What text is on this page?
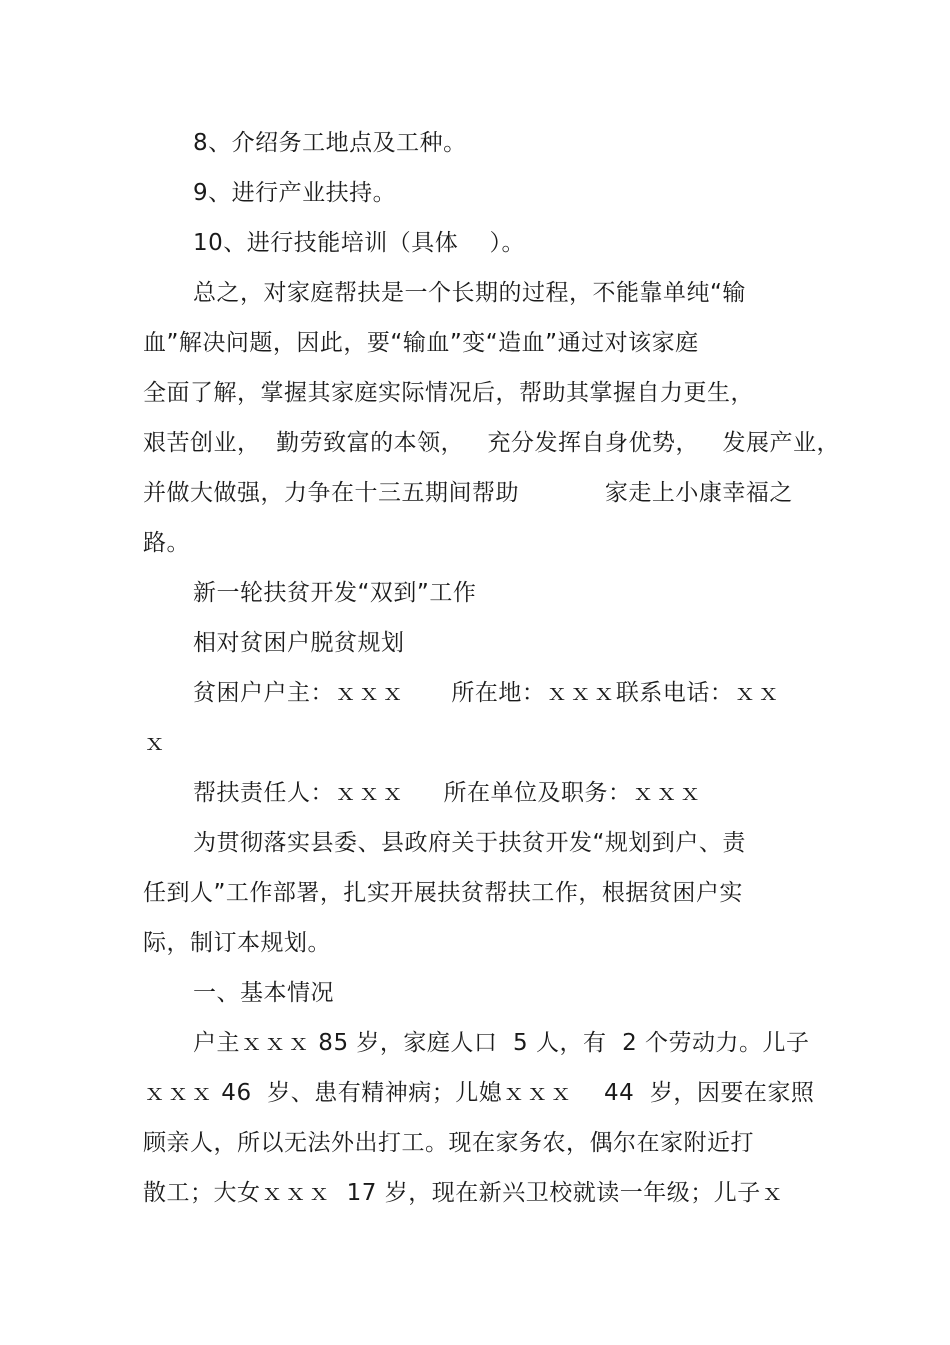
8、介绍务工地点及工种。
9、进行产业扶持。
10、进行技能培训（具体    ）。
总之，对家庭帮扶是一个长期的过程，不能靠单纯“输
血”解决问题，因此，要“输血”变“造血”通过对该家庭
全面了解，掌握其家庭实际情况后，帮助其掌握自力更生，
艰苦创业，  勤劳致富的本领，   充分发挥自身优势，   发展产业，
并做大做强，力争在十三五期间帮助           家走上小康幸福之
路。
新一轮扶贫开发“双到”工作
相对贫困户脱贫规划
贫困户户主：ｘｘｘ      所在地：ｘｘｘ联系电话：ｘｘ
ｘ
帮扶责任人：ｘｘｘ     所在单位及职务：ｘｘｘ
为贯彻落实县委、县政府关于扶贫开发“规划到户、责
任到人”工作部署，扎实开展扶贫帮扶工作，根据贫困户实
际，制订本规划。
一、基本情况
户主ｘｘｘ 85 岁，家庭人口  5 人，有  2 个劳动力。儿子
ｘｘｘ 46  岁、患有精神病；儿媳ｘｘｘ    44  岁，因要在家照
顾亲人，所以无法外出打工。现在家务农，偶尔在家附近打
散工；大女ｘｘｘ  17 岁，现在新兴卫校就读一年级；儿子ｘ
